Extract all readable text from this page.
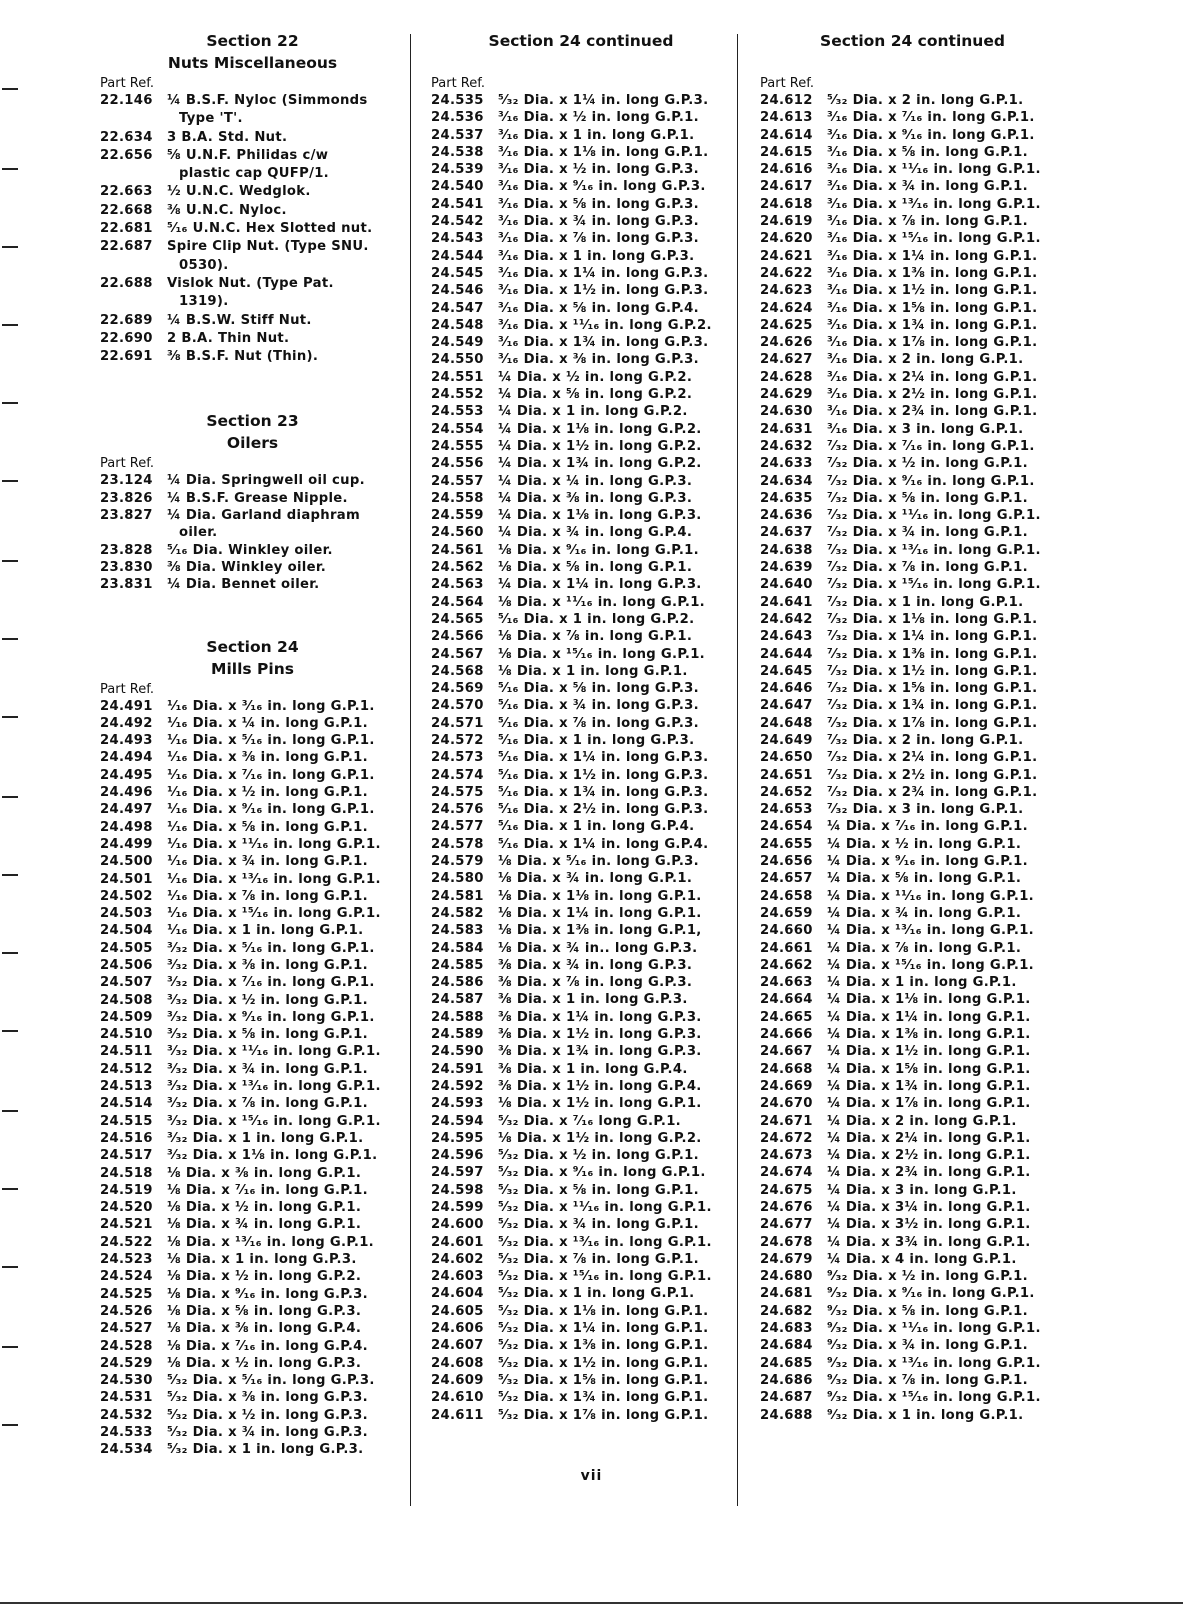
Section 22
Nuts Miscellaneous
Part Ref.
22.146	¼ B.S.F. Nyloc (Simmonds
Type 'T'.
22.634	3 B.A. Std. Nut.
22.656	⅝ U.N.F. Philidas c/w
plastic cap QUFP/1.
22.663	½ U.N.C. Wedglok.
22.668	⅜ U.N.C. Nyloc.
22.681	⁵⁄₁₆ U.N.C. Hex Slotted nut.
22.687	Spire Clip Nut. (Type SNU.
0530).
22.688	Vislok Nut. (Type Pat.
1319).
22.689	¼ B.S.W. Stiff Nut.
22.690	2 B.A. Thin Nut.
22.691	⅜ B.S.F. Nut (Thin).
Section 23
Oilers
Part Ref.
23.124	¼ Dia. Springwell oil cup.
23.826	¼ B.S.F. Grease Nipple.
23.827	¼ Dia. Garland diaphram
oiler.
23.828	⁵⁄₁₆ Dia. Winkley oiler.
23.830	⅜ Dia. Winkley oiler.
23.831	¼ Dia. Bennet oiler.
Section 24
Mills Pins
Part Ref.
24.491	¹⁄₁₆ Dia. x ³⁄₁₆ in. long G.P.1.
24.492	¹⁄₁₆ Dia. x ¼ in. long G.P.1.
24.493	¹⁄₁₆ Dia. x ⁵⁄₁₆ in. long G.P.1.
24.494	¹⁄₁₆ Dia. x ⅜ in. long G.P.1.
24.495	¹⁄₁₆ Dia. x ⁷⁄₁₆ in. long G.P.1.
24.496	¹⁄₁₆ Dia. x ½ in. long G.P.1.
24.497	¹⁄₁₆ Dia. x ⁹⁄₁₆ in. long G.P.1.
24.498	¹⁄₁₆ Dia. x ⅝ in. long G.P.1.
24.499	¹⁄₁₆ Dia. x ¹¹⁄₁₆ in. long G.P.1.
24.500	¹⁄₁₆ Dia. x ¾ in. long G.P.1.
24.501	¹⁄₁₆ Dia. x ¹³⁄₁₆ in. long G.P.1.
24.502	¹⁄₁₆ Dia. x ⅞ in. long G.P.1.
24.503	¹⁄₁₆ Dia. x ¹⁵⁄₁₆ in. long G.P.1.
24.504	¹⁄₁₆ Dia. x 1 in. long G.P.1.
24.505	³⁄₃₂ Dia. x ⁵⁄₁₆ in. long G.P.1.
24.506	³⁄₃₂ Dia. x ⅜ in. long G.P.1.
24.507	³⁄₃₂ Dia. x ⁷⁄₁₆ in. long G.P.1.
24.508	³⁄₃₂ Dia. x ½ in. long G.P.1.
24.509	³⁄₃₂ Dia. x ⁹⁄₁₆ in. long G.P.1.
24.510	³⁄₃₂ Dia. x ⅝ in. long G.P.1.
24.511	³⁄₃₂ Dia. x ¹¹⁄₁₆ in. long G.P.1.
24.512	³⁄₃₂ Dia. x ¾ in. long G.P.1.
24.513	³⁄₃₂ Dia. x ¹³⁄₁₆ in. long G.P.1.
24.514	³⁄₃₂ Dia. x ⅞ in. long G.P.1.
24.515	³⁄₃₂ Dia. x ¹⁵⁄₁₆ in. long G.P.1.
24.516	³⁄₃₂ Dia. x 1 in. long G.P.1.
24.517	³⁄₃₂ Dia. x 1⅛ in. long G.P.1.
24.518	⅛ Dia. x ⅜ in. long G.P.1.
24.519	⅛ Dia. x ⁷⁄₁₆ in. long G.P.1.
24.520	⅛ Dia. x ½ in. long G.P.1.
24.521	⅛ Dia. x ¾ in. long G.P.1.
24.522	⅛ Dia. x ¹³⁄₁₆ in. long G.P.1.
24.523	⅛ Dia. x 1 in. long G.P.3.
24.524	⅛ Dia. x ½ in. long G.P.2.
24.525	⅛ Dia. x ⁹⁄₁₆ in. long G.P.3.
24.526	⅛ Dia. x ⅝ in. long G.P.3.
24.527	⅛ Dia. x ⅜ in. long G.P.4.
24.528	⅛ Dia. x ⁷⁄₁₆ in. long G.P.4.
24.529	⅛ Dia. x ½ in. long G.P.3.
24.530	⁵⁄₃₂ Dia. x ⁵⁄₁₆ in. long G.P.3.
24.531	⁵⁄₃₂ Dia. x ⅜ in. long G.P.3.
24.532	⁵⁄₃₂ Dia. x ½ in. long G.P.3.
24.533	⁵⁄₃₂ Dia. x ¾ in. long G.P.3.
24.534	⁵⁄₃₂ Dia. x 1 in. long G.P.3.
Section 24 continued
Part Ref.
24.535	⁵⁄₃₂ Dia. x 1¼ in. long G.P.3.
24.536	³⁄₁₆ Dia. x ½ in. long G.P.1.
24.537	³⁄₁₆ Dia. x 1 in. long G.P.1.
24.538	³⁄₁₆ Dia. x 1⅛ in. long G.P.1.
24.539	³⁄₁₆ Dia. x ½ in. long G.P.3.
24.540	³⁄₁₆ Dia. x ⁹⁄₁₆ in. long G.P.3.
24.541	³⁄₁₆ Dia. x ⅝ in. long G.P.3.
24.542	³⁄₁₆ Dia. x ¾ in. long G.P.3.
24.543	³⁄₁₆ Dia. x ⅞ in. long G.P.3.
24.544	³⁄₁₆ Dia. x 1 in. long G.P.3.
24.545	³⁄₁₆ Dia. x 1¼ in. long G.P.3.
24.546	³⁄₁₆ Dia. x 1½ in. long G.P.3.
24.547	³⁄₁₆ Dia. x ⅝ in. long G.P.4.
24.548	³⁄₁₆ Dia. x ¹¹⁄₁₆ in. long G.P.2.
24.549	³⁄₁₆ Dia. x 1¾ in. long G.P.3.
24.550	³⁄₁₆ Dia. x ⅜ in. long G.P.3.
24.551	¼ Dia. x ½ in. long G.P.2.
24.552	¼ Dia. x ⅝ in. long G.P.2.
24.553	¼ Dia. x 1 in. long G.P.2.
24.554	¼ Dia. x 1⅛ in. long G.P.2.
24.555	¼ Dia. x 1½ in. long G.P.2.
24.556	¼ Dia. x 1¾ in. long G.P.2.
24.557	¼ Dia. x ¼ in. long G.P.3.
24.558	¼ Dia. x ⅜ in. long G.P.3.
24.559	¼ Dia. x 1⅛ in. long G.P.3.
24.560	¼ Dia. x ¾ in. long G.P.4.
24.561	⅛ Dia. x ⁹⁄₁₆ in. long G.P.1.
24.562	⅛ Dia. x ⅝ in. long G.P.1.
24.563	¼ Dia. x 1¼ in. long G.P.3.
24.564	⅛ Dia. x ¹¹⁄₁₆ in. long G.P.1.
24.565	⁵⁄₁₆ Dia. x 1 in. long G.P.2.
24.566	⅛ Dia. x ⅞ in. long G.P.1.
24.567	⅛ Dia. x ¹⁵⁄₁₆ in. long G.P.1.
24.568	⅛ Dia. x 1 in. long G.P.1.
24.569	⁵⁄₁₆ Dia. x ⅝ in. long G.P.3.
24.570	⁵⁄₁₆ Dia. x ¾ in. long G.P.3.
24.571	⁵⁄₁₆ Dia. x ⅞ in. long G.P.3.
24.572	⁵⁄₁₆ Dia. x 1 in. long G.P.3.
24.573	⁵⁄₁₆ Dia. x 1¼ in. long G.P.3.
24.574	⁵⁄₁₆ Dia. x 1½ in. long G.P.3.
24.575	⁵⁄₁₆ Dia. x 1¾ in. long G.P.3.
24.576	⁵⁄₁₆ Dia. x 2½ in. long G.P.3.
24.577	⁵⁄₁₆ Dia. x 1 in. long G.P.4.
24.578	⁵⁄₁₆ Dia. x 1¼ in. long G.P.4.
24.579	⅛ Dia. x ⁵⁄₁₆ in. long G.P.3.
24.580	⅛ Dia. x ¾ in. long G.P.1.
24.581	⅛ Dia. x 1⅛ in. long G.P.1.
24.582	⅛ Dia. x 1¼ in. long G.P.1.
24.583	⅛ Dia. x 1⅜ in. long G.P.1,
24.584	⅛ Dia. x ¾ in.. long G.P.3.
24.585	⅜ Dia. x ¾ in. long G.P.3.
24.586	⅜ Dia. x ⅞ in. long G.P.3.
24.587	⅜ Dia. x 1 in. long G.P.3.
24.588	⅜ Dia. x 1¼ in. long G.P.3.
24.589	⅜ Dia. x 1½ in. long G.P.3.
24.590	⅜ Dia. x 1¾ in. long G.P.3.
24.591	⅜ Dia. x 1 in. long G.P.4.
24.592	⅜ Dia. x 1½ in. long G.P.4.
24.593	⅛ Dia. x 1½ in. long G.P.1.
24.594	⁵⁄₃₂ Dia. x ⁷⁄₁₆ long G.P.1.
24.595	⅛ Dia. x 1½ in. long G.P.2.
24.596	⁵⁄₃₂ Dia. x ½ in. long G.P.1.
24.597	⁵⁄₃₂ Dia. x ⁹⁄₁₆ in. long G.P.1.
24.598	⁵⁄₃₂ Dia. x ⅝ in. long G.P.1.
24.599	⁵⁄₃₂ Dia. x ¹¹⁄₁₆ in. long G.P.1.
24.600	⁵⁄₃₂ Dia. x ¾ in. long G.P.1.
24.601	⁵⁄₃₂ Dia. x ¹³⁄₁₆ in. long G.P.1.
24.602	⁵⁄₃₂ Dia. x ⅞ in. long G.P.1.
24.603	⁵⁄₃₂ Dia. x ¹⁵⁄₁₆ in. long G.P.1.
24.604	⁵⁄₃₂ Dia. x 1 in. long G.P.1.
24.605	⁵⁄₃₂ Dia. x 1⅛ in. long G.P.1.
24.606	⁵⁄₃₂ Dia. x 1¼ in. long G.P.1.
24.607	⁵⁄₃₂ Dia. x 1⅜ in. long G.P.1.
24.608	⁵⁄₃₂ Dia. x 1½ in. long G.P.1.
24.609	⁵⁄₃₂ Dia. x 1⅝ in. long G.P.1.
24.610	⁵⁄₃₂ Dia. x 1¾ in. long G.P.1.
24.611	⁵⁄₃₂ Dia. x 1⅞ in. long G.P.1.
Section 24 continued
Part Ref.
24.612	⁵⁄₃₂ Dia. x 2 in. long G.P.1.
24.613	³⁄₁₆ Dia. x ⁷⁄₁₆ in. long G.P.1.
24.614	³⁄₁₆ Dia. x ⁹⁄₁₆ in. long G.P.1.
24.615	³⁄₁₆ Dia. x ⅝ in. long G.P.1.
24.616	³⁄₁₆ Dia. x ¹¹⁄₁₆ in. long G.P.1.
24.617	³⁄₁₆ Dia. x ¾ in. long G.P.1.
24.618	³⁄₁₆ Dia. x ¹³⁄₁₆ in. long G.P.1.
24.619	³⁄₁₆ Dia. x ⅞ in. long G.P.1.
24.620	³⁄₁₆ Dia. x ¹⁵⁄₁₆ in. long G.P.1.
24.621	³⁄₁₆ Dia. x 1¼ in. long G.P.1.
24.622	³⁄₁₆ Dia. x 1⅜ in. long G.P.1.
24.623	³⁄₁₆ Dia. x 1½ in. long G.P.1.
24.624	³⁄₁₆ Dia. x 1⅝ in. long G.P.1.
24.625	³⁄₁₆ Dia. x 1¾ in. long G.P.1.
24.626	³⁄₁₆ Dia. x 1⅞ in. long G.P.1.
24.627	³⁄₁₆ Dia. x 2 in. long G.P.1.
24.628	³⁄₁₆ Dia. x 2¼ in. long G.P.1.
24.629	³⁄₁₆ Dia. x 2½ in. long G.P.1.
24.630	³⁄₁₆ Dia. x 2¾ in. long G.P.1.
24.631	³⁄₁₆ Dia. x 3 in. long G.P.1.
24.632	⁷⁄₃₂ Dia. x ⁷⁄₁₆ in. long G.P.1.
24.633	⁷⁄₃₂ Dia. x ½ in. long G.P.1.
24.634	⁷⁄₃₂ Dia. x ⁹⁄₁₆ in. long G.P.1.
24.635	⁷⁄₃₂ Dia. x ⅝ in. long G.P.1.
24.636	⁷⁄₃₂ Dia. x ¹¹⁄₁₆ in. long G.P.1.
24.637	⁷⁄₃₂ Dia. x ¾ in. long G.P.1.
24.638	⁷⁄₃₂ Dia. x ¹³⁄₁₆ in. long G.P.1.
24.639	⁷⁄₃₂ Dia. x ⅞ in. long G.P.1.
24.640	⁷⁄₃₂ Dia. x ¹⁵⁄₁₆ in. long G.P.1.
24.641	⁷⁄₃₂ Dia. x 1 in. long G.P.1.
24.642	⁷⁄₃₂ Dia. x 1⅛ in. long G.P.1.
24.643	⁷⁄₃₂ Dia. x 1¼ in. long G.P.1.
24.644	⁷⁄₃₂ Dia. x 1⅜ in. long G.P.1.
24.645	⁷⁄₃₂ Dia. x 1½ in. long G.P.1.
24.646	⁷⁄₃₂ Dia. x 1⅝ in. long G.P.1.
24.647	⁷⁄₃₂ Dia. x 1¾ in. long G.P.1.
24.648	⁷⁄₃₂ Dia. x 1⅞ in. long G.P.1.
24.649	⁷⁄₃₂ Dia. x 2 in. long G.P.1.
24.650	⁷⁄₃₂ Dia. x 2¼ in. long G.P.1.
24.651	⁷⁄₃₂ Dia. x 2½ in. long G.P.1.
24.652	⁷⁄₃₂ Dia. x 2¾ in. long G.P.1.
24.653	⁷⁄₃₂ Dia. x 3 in. long G.P.1.
24.654	¼ Dia. x ⁷⁄₁₆ in. long G.P.1.
24.655	¼ Dia. x ½ in. long G.P.1.
24.656	¼ Dia. x ⁹⁄₁₆ in. long G.P.1.
24.657	¼ Dia. x ⅝ in. long G.P.1.
24.658	¼ Dia. x ¹¹⁄₁₆ in. long G.P.1.
24.659	¼ Dia. x ¾ in. long G.P.1.
24.660	¼ Dia. x ¹³⁄₁₆ in. long G.P.1.
24.661	¼ Dia. x ⅞ in. long G.P.1.
24.662	¼ Dia. x ¹⁵⁄₁₆ in. long G.P.1.
24.663	¼ Dia. x 1 in. long G.P.1.
24.664	¼ Dia. x 1⅛ in. long G.P.1.
24.665	¼ Dia. x 1¼ in. long G.P.1.
24.666	¼ Dia. x 1⅜ in. long G.P.1.
24.667	¼ Dia. x 1½ in. long G.P.1.
24.668	¼ Dia. x 1⅝ in. long G.P.1.
24.669	¼ Dia. x 1¾ in. long G.P.1.
24.670	¼ Dia. x 1⅞ in. long G.P.1.
24.671	¼ Dia. x 2 in. long G.P.1.
24.672	¼ Dia. x 2¼ in. long G.P.1.
24.673	¼ Dia. x 2½ in. long G.P.1.
24.674	¼ Dia. x 2¾ in. long G.P.1.
24.675	¼ Dia. x 3 in. long G.P.1.
24.676	¼ Dia. x 3¼ in. long G.P.1.
24.677	¼ Dia. x 3½ in. long G.P.1.
24.678	¼ Dia. x 3¾ in. long G.P.1.
24.679	¼ Dia. x 4 in. long G.P.1.
24.680	⁹⁄₃₂ Dia. x ½ in. long G.P.1.
24.681	⁹⁄₃₂ Dia. x ⁹⁄₁₆ in. long G.P.1.
24.682	⁹⁄₃₂ Dia. x ⅝ in. long G.P.1.
24.683	⁹⁄₃₂ Dia. x ¹¹⁄₁₆ in. long G.P.1.
24.684	⁹⁄₃₂ Dia. x ¾ in. long G.P.1.
24.685	⁹⁄₃₂ Dia. x ¹³⁄₁₆ in. long G.P.1.
24.686	⁹⁄₃₂ Dia. x ⅞ in. long G.P.1.
24.687	⁹⁄₃₂ Dia. x ¹⁵⁄₁₆ in. long G.P.1.
24.688	⁹⁄₃₂ Dia. x 1 in. long G.P.1.
vii
